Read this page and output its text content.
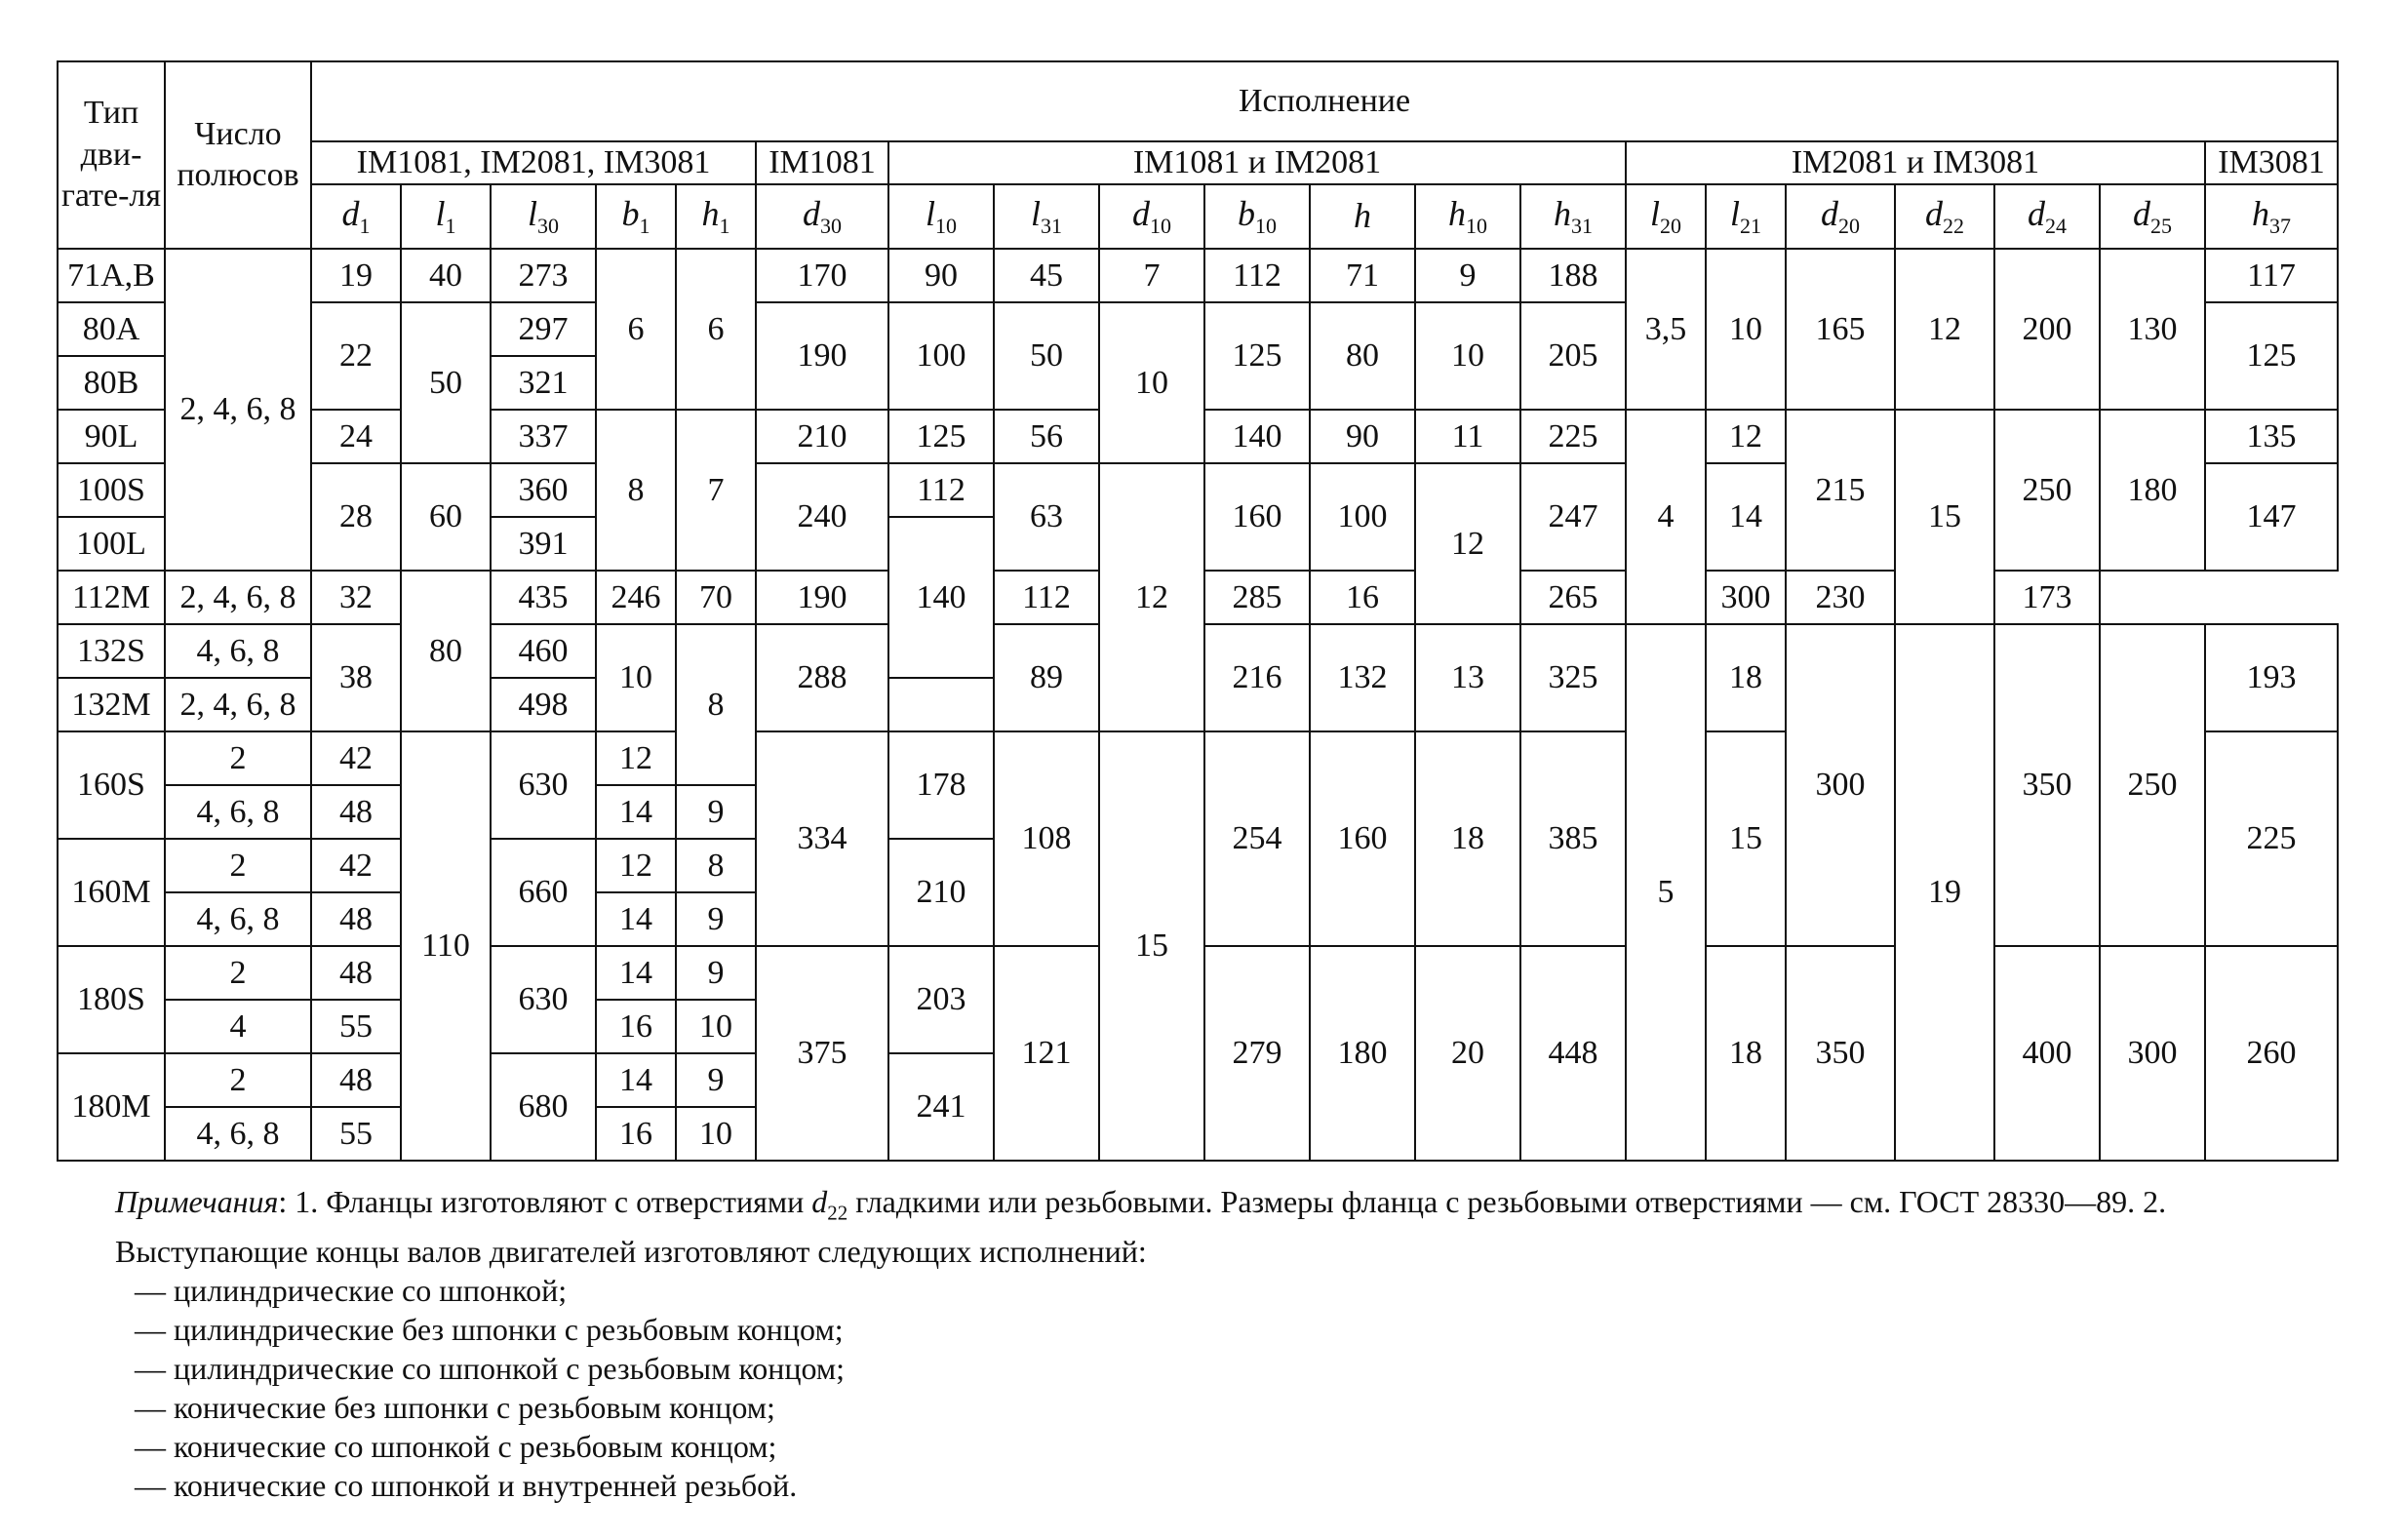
Тип дви-гате-ля	Число полюсов	Исполнение																			
		IM1081, IM2081, IM3081					IM1081	IM1081 и IM2081							IM2081 и IM3081						IM3081
		$d_1$	$l_1$	$l_{30}$	$b_1$	$h_1$	$d_{30}$	$l_{10}$	$l_{31}$	$d_{10}$	$b_{10}$	h	$h_{10}$	$h_{31}$	$l_{20}$	$l_{21}$	$d_{20}$	$d_{22}$	$d_{24}$	$d_{25}$	$h_{37}$
71A,B	2, 4, 6, 8	19	40	273	6	6	170	90	45	7	112	71	9	188	3,5	10	165	12	200	130	117
80A		22	50	297			190	100	50	10	125	80	10	205							125
80B				321																	
90L		24		337	8	7	210	125	56		140	90	11	225	4	12	215	15	250	180	135
100S		28	60	360			240	112	63	12	160	100	12	247		14					147
100L				391				140													
112M	2, 4, 6, 8	32	80	435	246	70	190		112		285	16		265		300	230		173		
132S	4, 6, 8	38		460	10	8	288		89		216	132	13	325	5	18	300	19	350	250	193
132M	2, 4, 6, 8			498																	
160S	2	42	110	630	12		334	178	108	15	254	160	18	385		15					225
	4, 6, 8	48			14	9															
160M	2	42		660	12	8		210													
	4, 6, 8	48			14	9															
180S	2	48		630	14	9	375	203	121		279	180	20	448		18	350		400	300	260
	4	55			16	10															
180M	2	48		680	14	9		241													
	4, 6, 8	55			16	10															

Примечания: 1. Фланцы изготовляют с отверстиями $d_{22}$ гладкими или резьбовыми. Размеры фланца с резьбовыми отверстиями — см. ГОСТ 28330—89. 2. Выступающие концы валов двигателей изготовляют следующих исполнений:

— цилиндрические со шпонкой;
— цилиндрические без шпонки с резьбовым концом;
— цилиндрические со шпонкой с резьбовым концом;
— конические без шпонки с резьбовым концом;
— конические со шпонкой с резьбовым концом;
— конические со шпонкой и внутренней резьбой.
